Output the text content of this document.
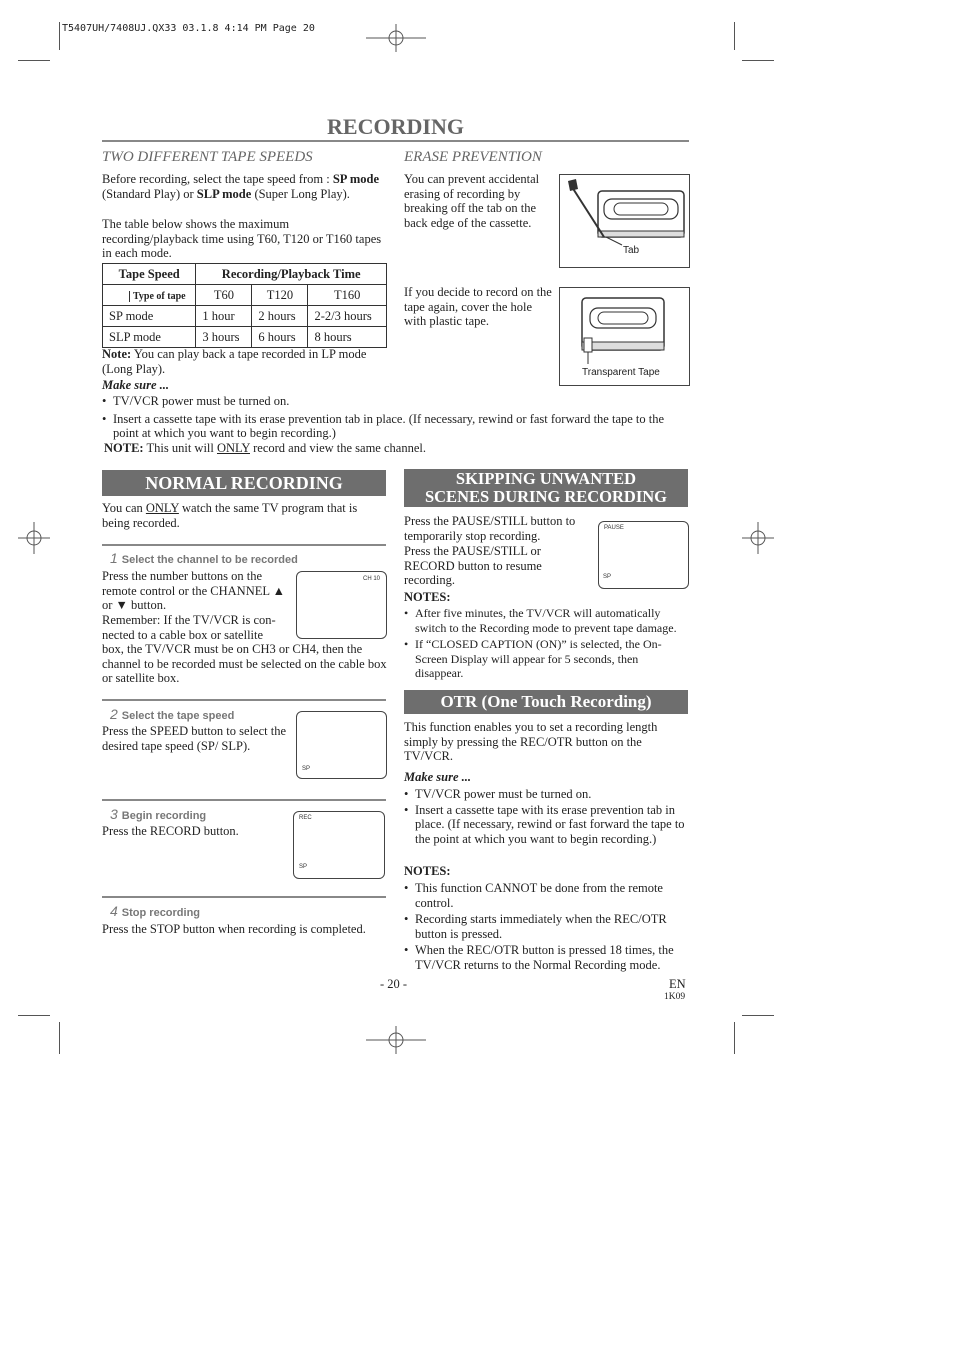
T5407UH/7408UJ.QX33 03.1.8 4:14 PM Page 20
RECORDING
TWO DIFFERENT TAPE SPEEDS
Before recording, select the tape speed from : SP mode (Standard Play) or SLP mode (Super Long Play).
The table below shows the maximum recording/playback time using T60, T120 or T160 tapes in each mode.
Tape Speed	Recording/Playback Time		
Type of tape	T60	T120	T160
SP mode	1 hour	2 hours	2-2/3 hours
SLP mode	3 hours	6 hours	8 hours
Note: You can play back a tape recorded in LP mode (Long Play).
Make sure ...
• TV/VCR power must be turned on.
• Insert a cassette tape with its erase prevention tab in place. (If necessary, rewind or fast forward the tape to the point at which you want to begin recording.)
NOTE: This unit will ONLY record and view the same channel.
ERASE PREVENTION
You can prevent accidental erasing of recording by breaking off the tab on the back edge of the cassette.
Tab
If you decide to record on the tape again, cover the hole with plastic tape.
Transparent Tape
NORMAL RECORDING
You can ONLY watch the same TV program that is being recorded.
1 Select the channel to be recorded
Press the number buttons on the remote control or the CHANNEL ▲ or ▼ button.
Remember: If the TV/VCR is con-
nected to a cable box or satellite
box, the TV/VCR must be on CH3 or CH4, then the channel to be recorded must be selected on the cable box or satellite box.
CH 10
2 Select the tape speed
Press the SPEED button to select the desired tape speed (SP/ SLP).
SP
3 Begin recording
Press the RECORD button.
REC
SP
4 Stop recording
Press the STOP button when recording is completed.
SKIPPING UNWANTED
SCENES DURING RECORDING
Press the PAUSE/STILL button to temporarily stop recording.
Press the PAUSE/STILL or RECORD button to resume recording.
PAUSE
SP
NOTES:
• After five minutes, the TV/VCR will automatically switch to the Recording mode to prevent tape damage.
• If “CLOSED CAPTION (ON)” is selected, the On-Screen Display will appear for 5 seconds, then disappear.
OTR (One Touch Recording)
This function enables you to set a recording length simply by pressing the REC/OTR button on the TV/VCR.
Make sure ...
• TV/VCR power must be turned on.
• Insert a cassette tape with its erase prevention tab in place. (If necessary, rewind or fast forward the tape to the point at which you want to begin recording.)
NOTES:
• This function CANNOT be done from the remote control.
• Recording starts immediately when the REC/OTR button is pressed.
• When the REC/OTR button is pressed 18 times, the TV/VCR returns to the Normal Recording mode.
- 20 -	EN
1K09
